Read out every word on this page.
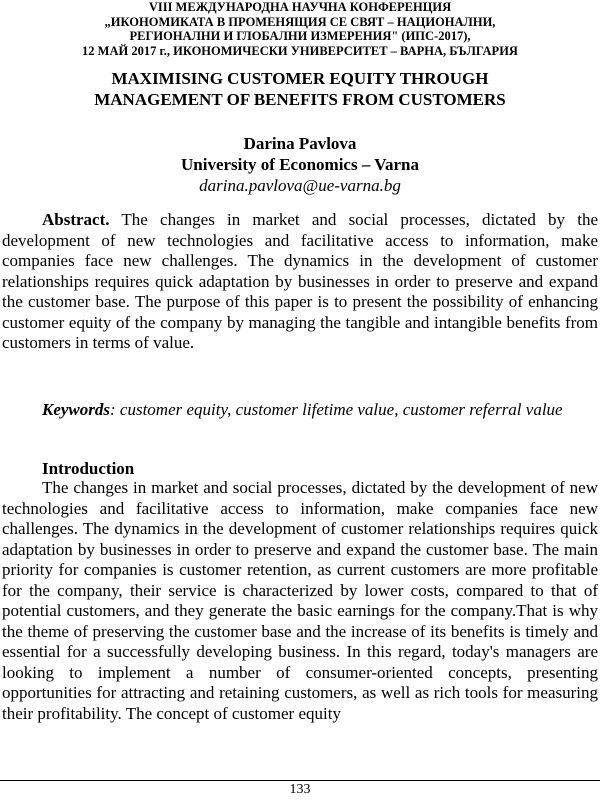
VIII МЕЖДУНАРОДНА НАУЧНА КОНФЕРЕНЦИЯ
„ИКОНОМИКАТА В ПРОМЕНЯЩИЯ СЕ СВЯТ – НАЦИОНАЛНИ,
РЕГИОНАЛНИ И ГЛОБАЛНИ ИЗМЕРЕНИЯ" (ИПС-2017),
12 МАЙ 2017 г., ИКОНОМИЧЕСКИ УНИВЕРСИТЕТ – ВАРНА, БЪЛГАРИЯ
MAXIMISING CUSTOMER EQUITY THROUGH
MANAGEMENT OF BENEFITS FROM CUSTOMERS
Darina Pavlova
University of Economics – Varna
darina.pavlova@ue-varna.bg
Abstract. The changes in market and social processes, dictated by the development of new technologies and facilitative access to information, make companies face new challenges. The dynamics in the development of customer relationships requires quick adaptation by businesses in order to preserve and expand the customer base. The purpose of this paper is to present the possibility of enhancing customer equity of the company by managing the tangible and intangible benefits from customers in terms of value.
Keywords: customer equity, customer lifetime value, customer referral value
Introduction
The changes in market and social processes, dictated by the development of new technologies and facilitative access to information, make companies face new challenges. The dynamics in the development of customer relationships requires quick adaptation by businesses in order to preserve and expand the customer base. The main priority for companies is customer retention, as current customers are more profitable for the company, their service is characterized by lower costs, compared to that of potential customers, and they generate the basic earnings for the company.That is why the theme of preserving the customer base and the increase of its benefits is timely and essential for a successfully developing business. In this regard, today's managers are looking to implement a number of consumer-oriented concepts, presenting opportunities for attracting and retaining customers, as well as rich tools for measuring their profitability. The concept of customer equity
133
